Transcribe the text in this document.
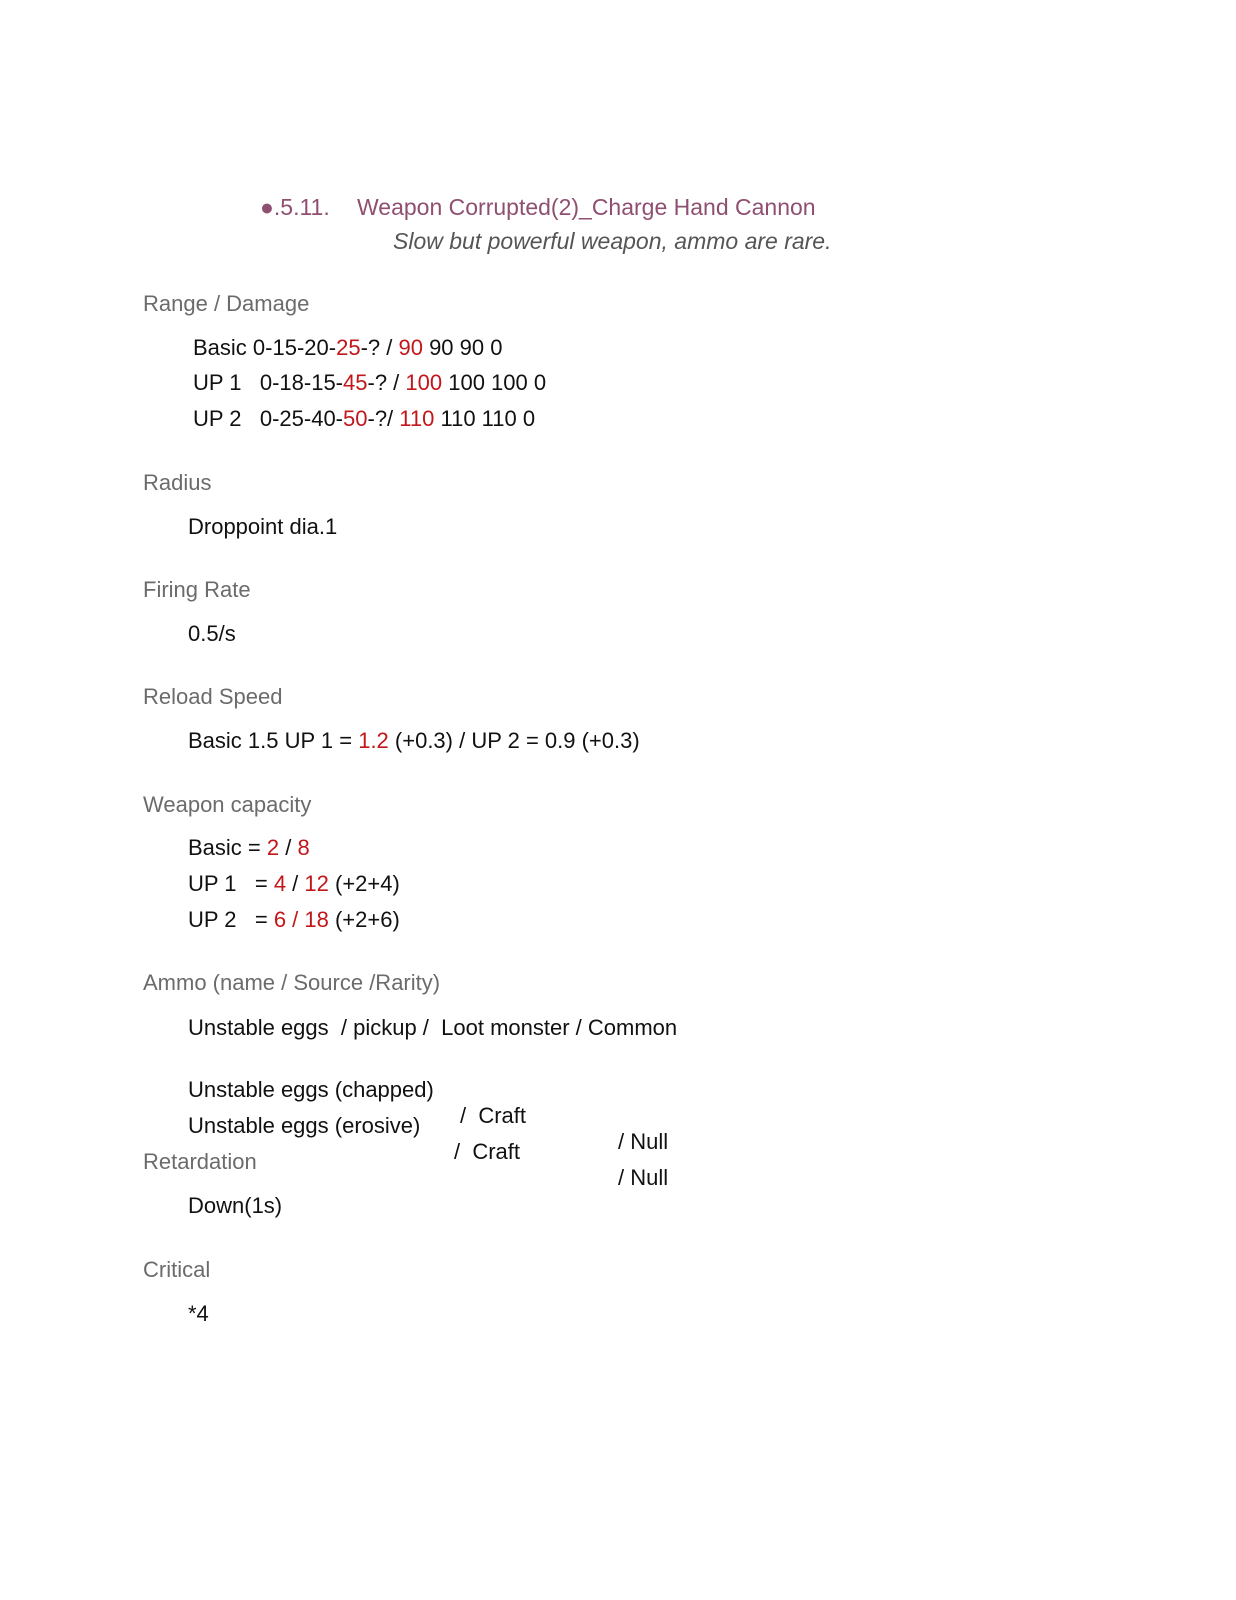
●.5.11. Weapon Corrupted(2)_Charge Hand Cannon
Slow but powerful weapon, ammo are rare.
Range / Damage
Basic 0-15-20-25-? / 90 90 90 0
UP 1   0-18-15-45-? / 100 100 100 0
UP 2   0-25-40-50-?/ 110 110 110 0
Radius
Droppoint dia.1
Firing Rate
0.5/s
Reload Speed
Basic 1.5 UP 1 = 1.2 (+0.3) / UP 2 = 0.9 (+0.3)
Weapon capacity
Basic = 2 / 8
UP 1   = 4 / 12 (+2+4)
UP 2   = 6 / 18 (+2+6)
Ammo (name / Source /Rarity)
Unstable eggs  / pickup /  Loot monster / Common

Unstable eggs (chapped)

/  Craft

/ Null

Unstable eggs (erosive)

/  Craft

/ Null

Retardation
Down(1s)
Critical
*4
